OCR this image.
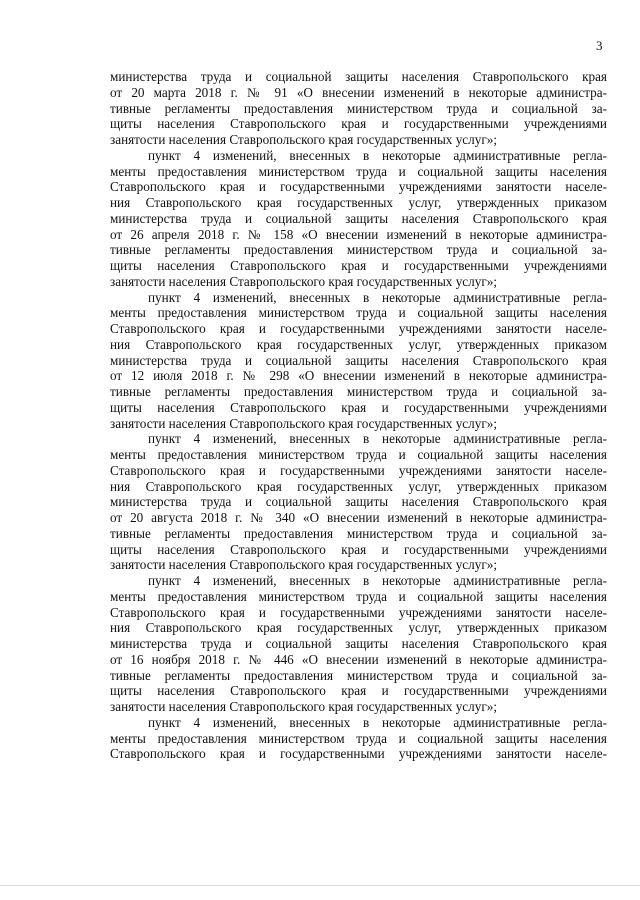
3
министерства труда и социальной защиты населения Ставропольского края
от 20 марта 2018 г. № 91 «О внесении изменений в некоторые администра-
тивные регламенты предоставления министерством труда и социальной за-
щиты населения Ставропольского края и государственными учреждениями
занятости населения Ставропольского края государственных услуг»;
пункт 4 изменений, внесенных в некоторые административные регла-
менты предоставления министерством труда и социальной защиты населения
Ставропольского края и государственными учреждениями занятости населе-
ния Ставропольского края государственных услуг, утвержденных приказом
министерства труда и социальной защиты населения Ставропольского края
от 26 апреля 2018 г. № 158 «О внесении изменений в некоторые администра-
тивные регламенты предоставления министерством труда и социальной за-
щиты населения Ставропольского края и государственными учреждениями
занятости населения Ставропольского края государственных услуг»;
пункт 4 изменений, внесенных в некоторые административные регла-
менты предоставления министерством труда и социальной защиты населения
Ставропольского края и государственными учреждениями занятости населе-
ния Ставропольского края государственных услуг, утвержденных приказом
министерства труда и социальной защиты населения Ставропольского края
от 12 июля 2018 г. № 298 «О внесении изменений в некоторые администра-
тивные регламенты предоставления министерством труда и социальной за-
щиты населения Ставропольского края и государственными учреждениями
занятости населения Ставропольского края государственных услуг»;
пункт 4 изменений, внесенных в некоторые административные регла-
менты предоставления министерством труда и социальной защиты населения
Ставропольского края и государственными учреждениями занятости населе-
ния Ставропольского края государственных услуг, утвержденных приказом
министерства труда и социальной защиты населения Ставропольского края
от 20 августа 2018 г. № 340 «О внесении изменений в некоторые администра-
тивные регламенты предоставления министерством труда и социальной за-
щиты населения Ставропольского края и государственными учреждениями
занятости населения Ставропольского края государственных услуг»;
пункт 4 изменений, внесенных в некоторые административные регла-
менты предоставления министерством труда и социальной защиты населения
Ставропольского края и государственными учреждениями занятости населе-
ния Ставропольского края государственных услуг, утвержденных приказом
министерства труда и социальной защиты населения Ставропольского края
от 16 ноября 2018 г. № 446 «О внесении изменений в некоторые администра-
тивные регламенты предоставления министерством труда и социальной за-
щиты населения Ставропольского края и государственными учреждениями
занятости населения Ставропольского края государственных услуг»;
пункт 4 изменений, внесенных в некоторые административные регла-
менты предоставления министерством труда и социальной защиты населения
Ставропольского края и государственными учреждениями занятости населе-
